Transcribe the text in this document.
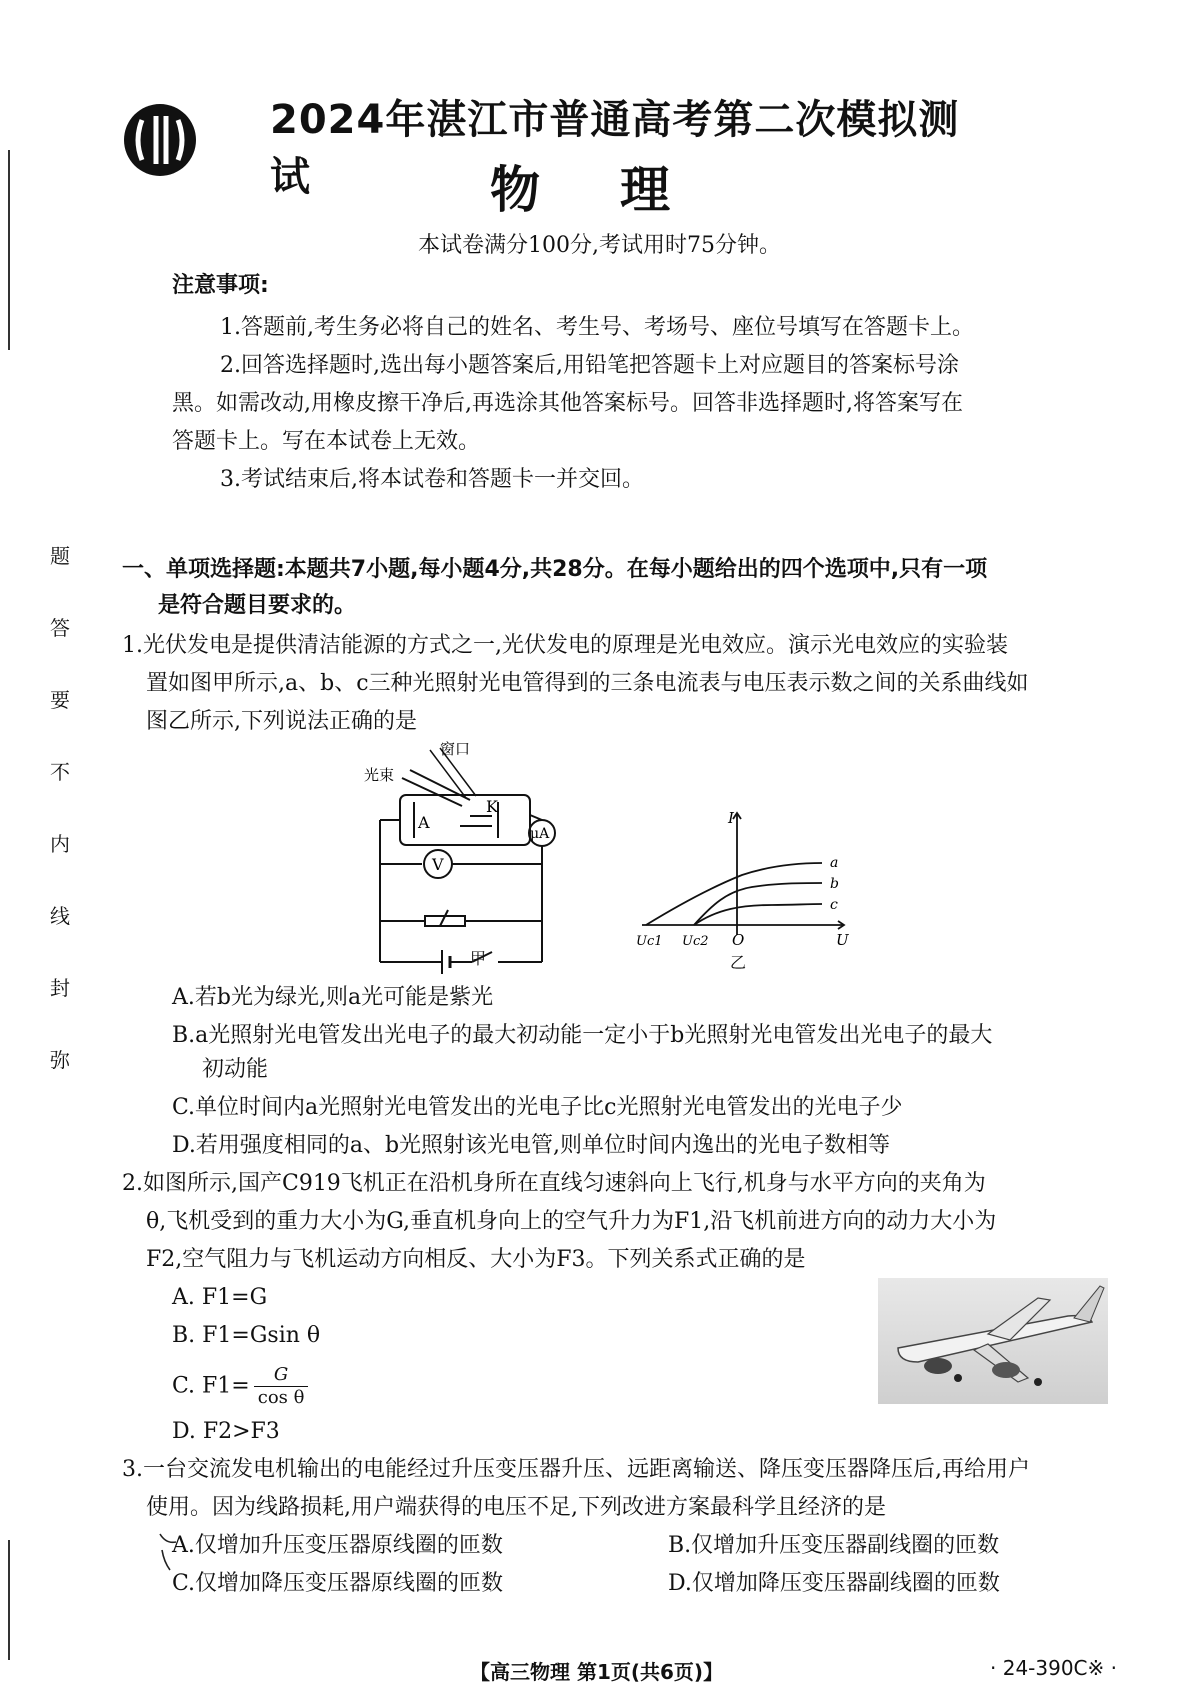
题
答
要
不
内
线
封
弥
2024年湛江市普通高考第二次模拟测试	物理
本试卷满分100分,考试用时75分钟。
注意事项:
1.答题前,考生务必将自己的姓名、考生号、考场号、座位号填写在答题卡上。
2.回答选择题时,选出每小题答案后,用铅笔把答题卡上对应题目的答案标号涂
黑。如需改动,用橡皮擦干净后,再选涂其他答案标号。回答非选择题时,将答案写在
答题卡上。写在本试卷上无效。
3.考试结束后,将本试卷和答题卡一并交回。
一、单项选择题:本题共7小题,每小题4分,共28分。在每小题给出的四个选项中,只有一项
是符合题目要求的。
1.光伏发电是提供清洁能源的方式之一,光伏发电的原理是光电效应。演示光电效应的实验装
置如图甲所示,a、b、c三种光照射光电管得到的三条电流表与电压表示数之间的关系曲线如
图乙所示,下列说法正确的是
A
K
μA
V
窗口
光束
甲
I
U
O
Uc1 Uc2
a
b
c
乙
A.若b光为绿光,则a光可能是紫光
B.a光照射光电管发出光电子的最大初动能一定小于b光照射光电管发出光电子的最大
初动能
C.单位时间内a光照射光电管发出的光电子比c光照射光电管发出的光电子少
D.若用强度相同的a、b光照射该光电管,则单位时间内逸出的光电子数相等
2.如图所示,国产C919飞机正在沿机身所在直线匀速斜向上飞行,机身与水平方向的夹角为
θ,飞机受到的重力大小为G,垂直机身向上的空气升力为F1,沿飞机前进方向的动力大小为
F2,空气阻力与飞机运动方向相反、大小为F3。下列关系式正确的是
A. F1=G
B. F1=Gsin θ
C. $F1= \frac{G}{\text{cos θ}}$
D. F2>F3
3.一台交流发电机输出的电能经过升压变压器升压、远距离输送、降压变压器降压后,再给用户
使用。因为线路损耗,用户端获得的电压不足,下列改进方案最科学且经济的是
A.仅增加升压变压器原线圈的匝数	B.仅增加升压变压器副线圈的匝数
C.仅增加降压变压器原线圈的匝数	D.仅增加降压变压器副线圈的匝数
【高三物理 第1页(共6页)】	· 24-390C※ ·
